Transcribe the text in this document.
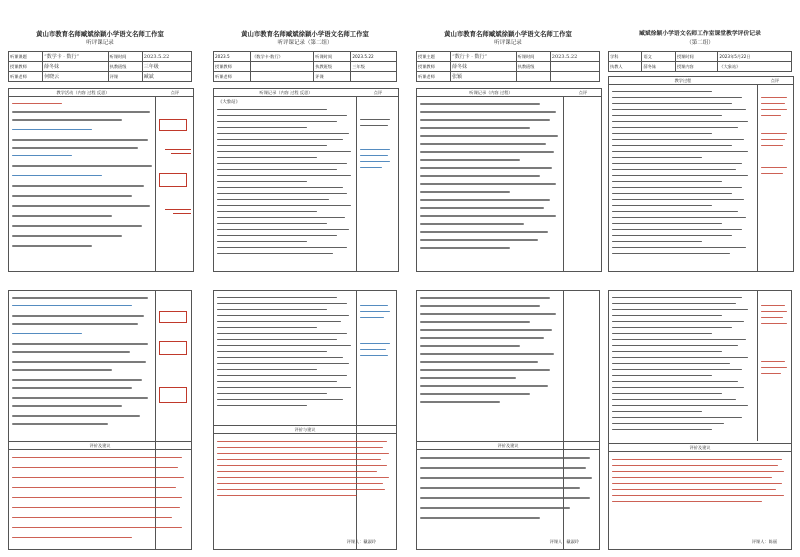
黄山市教育名师臧斌徐颖小学语文名师工作室
听评课记录
听课课题	“数学卡 · 数行”	听课时间	2023.5.22
授课教师	薛冬妹	执教班级	三年级
听课老师	何晓云	评课	臧斌
教学活动（内容 过程 反思）	点评
黄山市教育名师臧斌徐颖小学语文名师工作室
听评课记录（第二组）
2023.5	《数学卡·数行》	听课时间	2023.5.22
授课教师		执教班级	三年级
听课老师		评课	
听课记录（内容 过程 反思）	点评
《大象站》
黄山市教育名师臧斌徐颖小学语文名师工作室
听评课记录
授课主题	“数行卡 · 数行”	听课时间	2023.5.22
授课教师	薛冬妹	执教班级	
听课老师	张颖		
听课记录（内容 过程）	点评
臧斌徐颖小学语文名师工作室课堂教学评价记录
（第二组）
学科	语文	授课时间	2023年5月22日
执教人	薛冬妹	授课内容	《大象站》
教学过程	点评
评价及建议
评价与建议
评课人：戴淑玲
评价及建议
评课人：戴淑玲
评价及建议
评课人：陈丽
